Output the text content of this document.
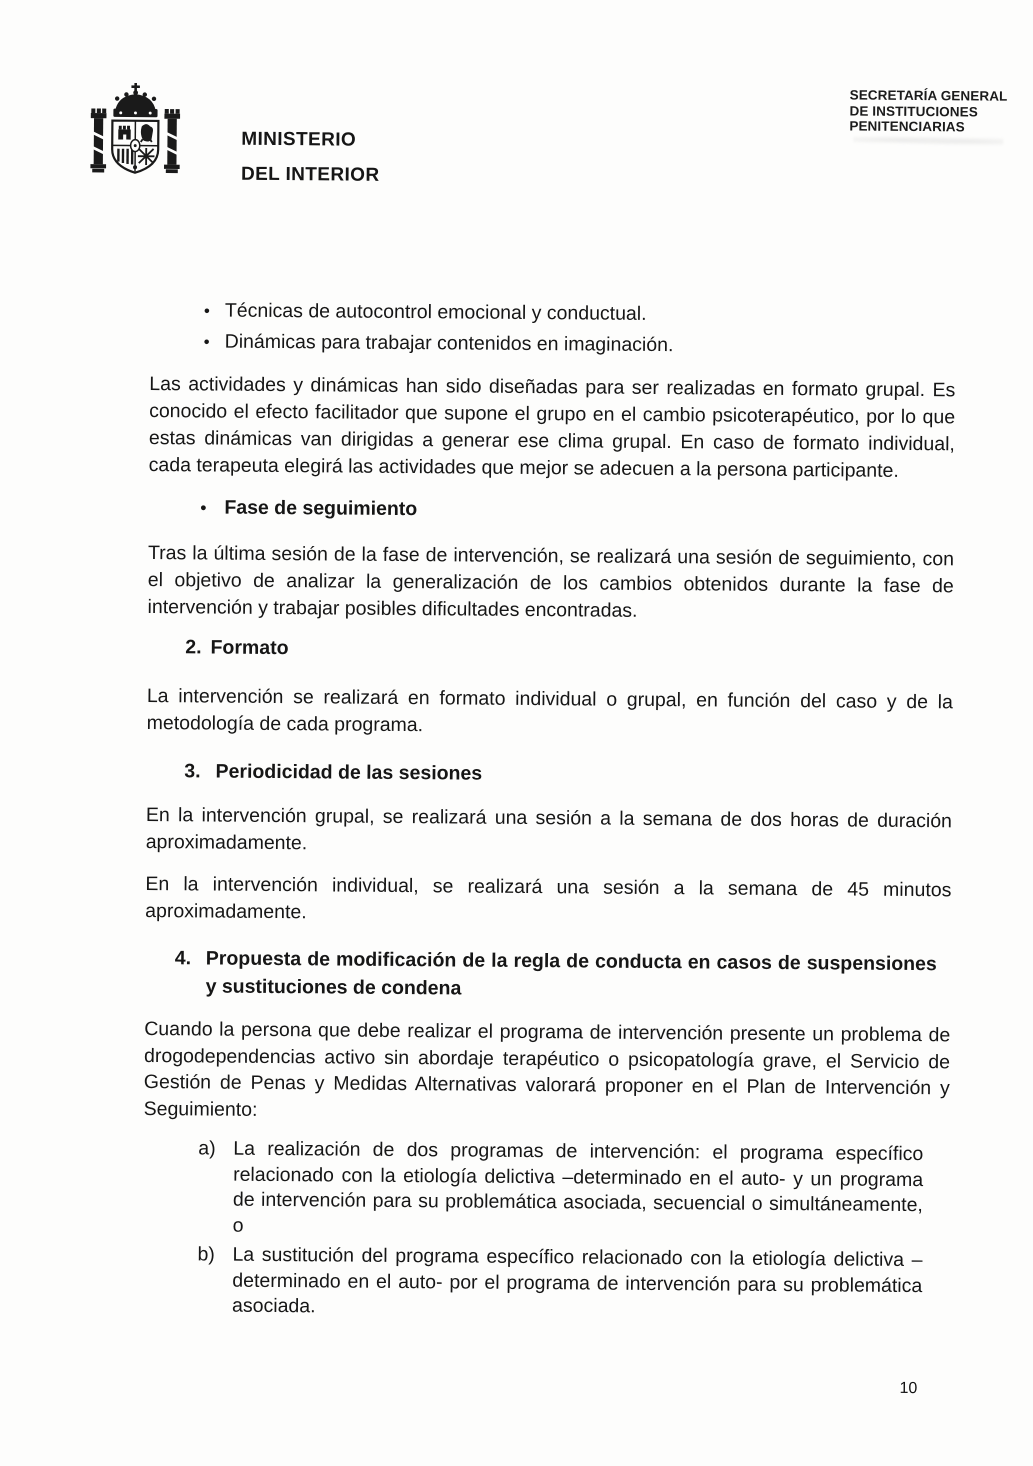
MINISTERIO
DEL INTERIOR
SECRETARÍA GENERAL
DE INSTITUCIONES
PENITENCIARIAS
• Técnicas de autocontrol emocional y conductual.
• Dinámicas para trabajar contenidos en imaginación.

Las actividades y dinámicas han sido diseñadas para ser realizadas en formato grupal. Es conocido el efecto facilitador que supone el grupo en el cambio psicoterapéutico, por lo que estas dinámicas van dirigidas a generar ese clima grupal. En caso de formato individual, cada terapeuta elegirá las actividades que mejor se adecuen a la persona participante.

• Fase de seguimiento

Tras la última sesión de la fase de intervención, se realizará una sesión de seguimiento, con el objetivo de analizar la generalización de los cambios obtenidos durante la fase de intervención y trabajar posibles dificultades encontradas.

2. Formato

La intervención se realizará en formato individual o grupal, en función del caso y de la metodología de cada programa.

3. Periodicidad de las sesiones

En la intervención grupal, se realizará una sesión a la semana de dos horas de duración aproximadamente.

En la intervención individual, se realizará una sesión a la semana de 45 minutos aproximadamente.

4. Propuesta de modificación de la regla de conducta en casos de suspensiones y sustituciones de condena

Cuando la persona que debe realizar el programa de intervención presente un problema de drogodependencias activo sin abordaje terapéutico o psicopatología grave, el Servicio de Gestión de Penas y Medidas Alternativas valorará proponer en el Plan de Intervención y Seguimiento:

a) La realización de dos programas de intervención: el programa específico relacionado con la etiología delictiva –determinado en el auto- y un programa de intervención para su problemática asociada, secuencial o simultáneamente, o
b) La sustitución del programa específico relacionado con la etiología delictiva –determinado en el auto- por el programa de intervención para su problemática asociada.
10
